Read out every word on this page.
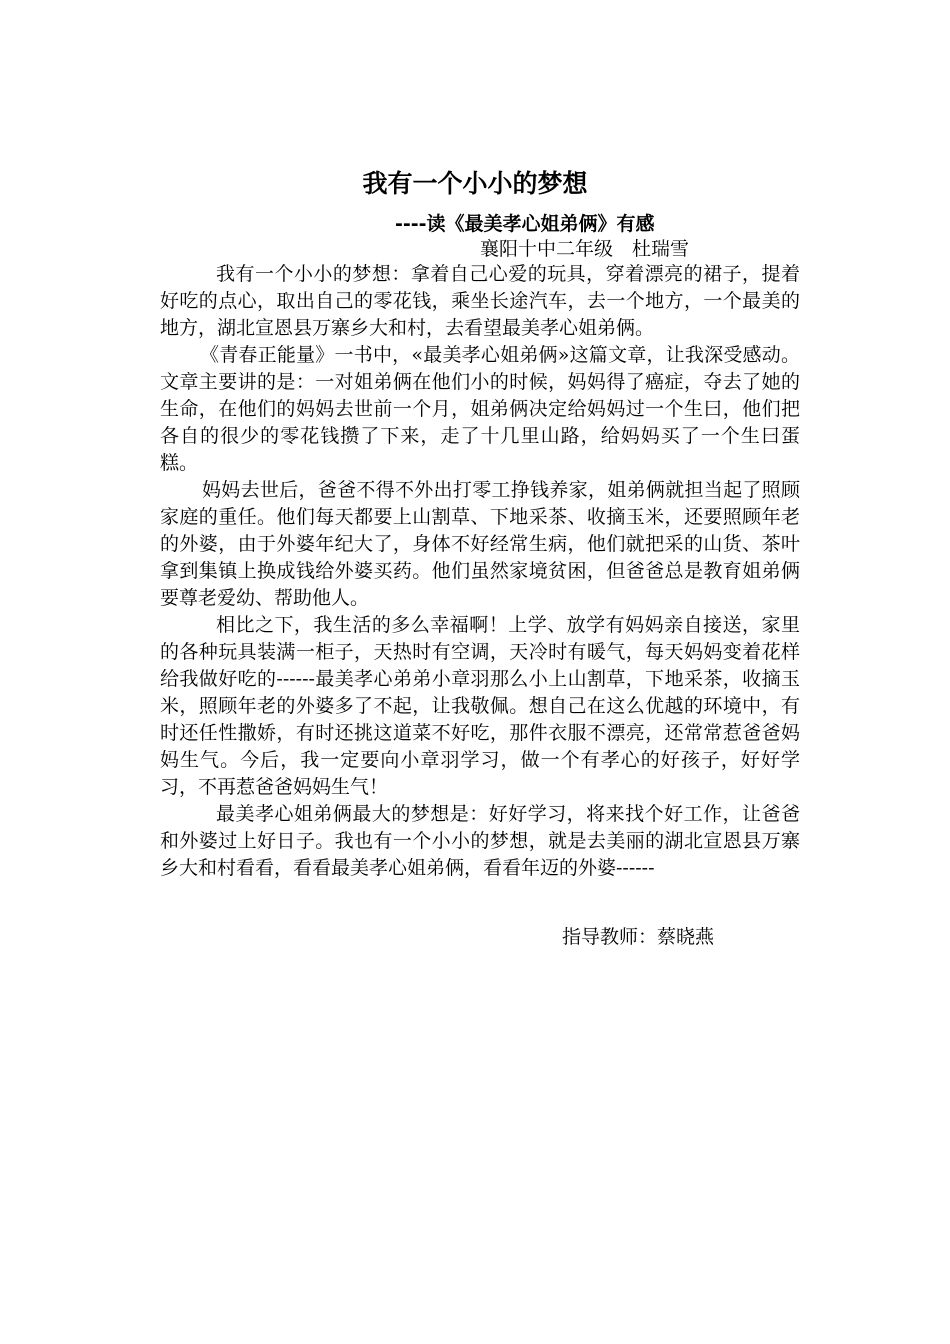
我有一个小小的梦想
----读《最美孝心姐弟俩》有感
襄阳十中二年级　杜瑞雪

我有一个小小的梦想：拿着自己心爱的玩具，穿着漂亮的裙子，提着好吃的点心，取出自己的零花钱，乘坐长途汽车，去一个地方，一个最美的地方，湖北宣恩县万寨乡大和村，去看望最美孝心姐弟俩。

《青春正能量》一书中，«最美孝心姐弟俩»这篇文章，让我深受感动。文章主要讲的是：一对姐弟俩在他们小的时候，妈妈得了癌症，夺去了她的生命，在他们的妈妈去世前一个月，姐弟俩决定给妈妈过一个生曰，他们把各自的很少的零花钱攒了下来，走了十几里山路，给妈妈买了一个生曰蛋糕。

妈妈去世后，爸爸不得不外出打零工挣钱养家，姐弟俩就担当起了照顾家庭的重任。他们每天都要上山割草、下地采茶、收摘玉米，还要照顾年老的外婆，由于外婆年纪大了，身体不好经常生病，他们就把采的山货、茶叶拿到集镇上换成钱给外婆买药。他们虽然家境贫困，但爸爸总是教育姐弟俩要尊老爱幼、帮助他人。

相比之下，我生活的多么幸福啊！上学、放学有妈妈亲自接送，家里的各种玩具装满一柜子，天热时有空调，天冷时有暖气，每天妈妈变着花样给我做好吃的------最美孝心弟弟小章羽那么小上山割草，下地采茶，收摘玉米，照顾年老的外婆多了不起，让我敬佩。想自己在这么优越的环境中，有时还任性撒娇，有时还挑这道菜不好吃，那件衣服不漂亮，还常常惹爸爸妈妈生气。今后，我一定要向小章羽学习，做一个有孝心的好孩子，好好学习，不再惹爸爸妈妈生气！

最美孝心姐弟俩最大的梦想是：好好学习，将来找个好工作，让爸爸和外婆过上好日子。我也有一个小小的梦想，就是去美丽的湖北宣恩县万寨乡大和村看看，看看最美孝心姐弟俩，看看年迈的外婆------

指导教师：蔡晓燕
